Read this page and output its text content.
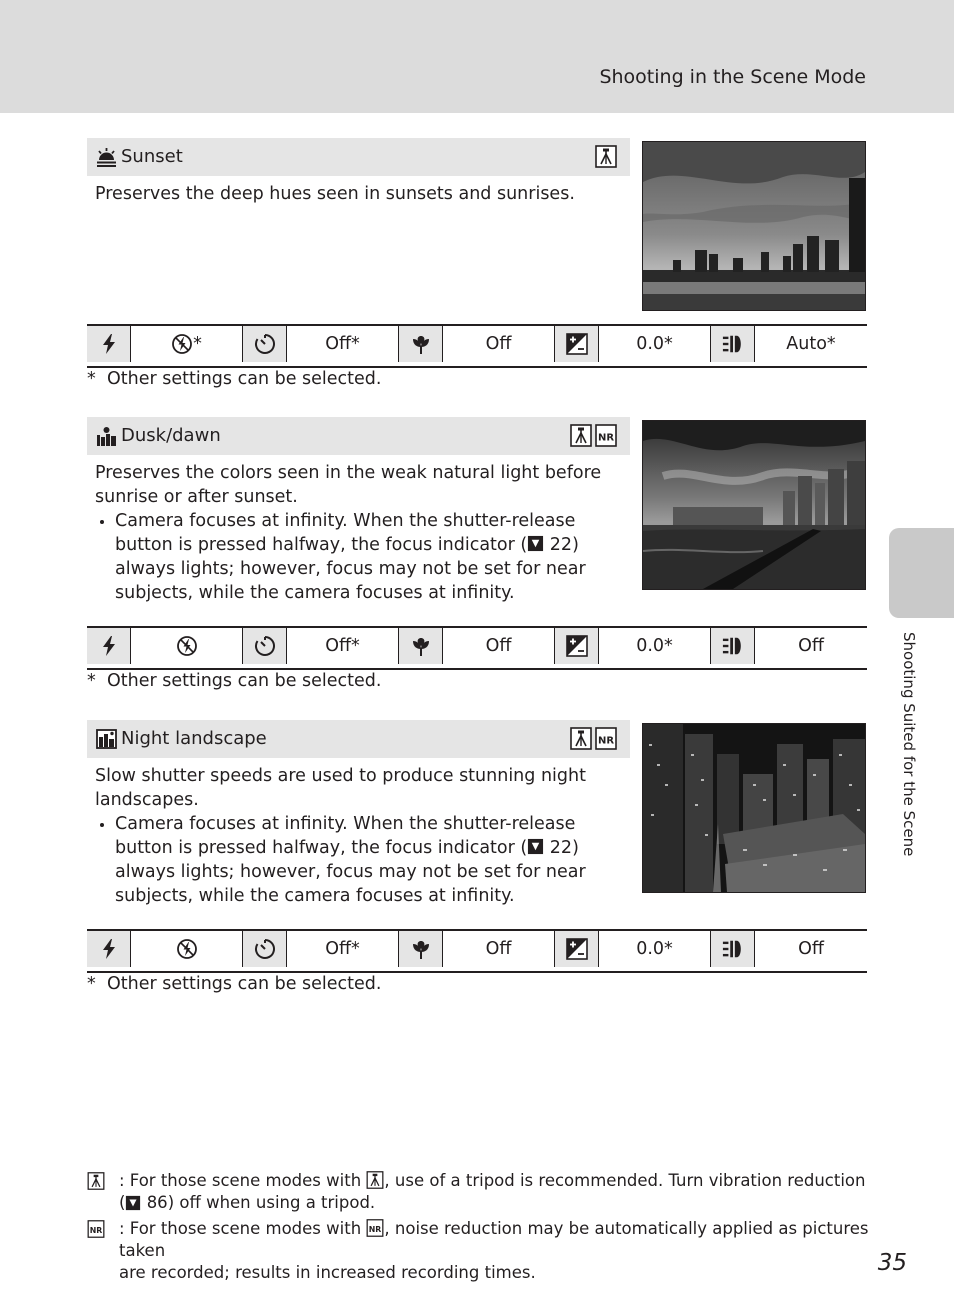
Shooting in the Scene Mode
Shooting Suited for the Scene
Sunset

Preserves the deep hues seen in sunsets and sunrises.

*	Off*	Off	0.0*	Auto*
* Other settings can be selected.
Dusk/dawn

Preserves the colors seen in the weak natural light before sunrise or after sunset.

• Camera focuses at infinity. When the shutter-release button is pressed halfway, the focus indicator ( 22) always lights; however, focus may not be set for near subjects, while the camera focuses at infinity.
Off*	Off	0.0*	Off
* Other settings can be selected.
Night landscape

Slow shutter speeds are used to produce stunning night landscapes.

• Camera focuses at infinity. When the shutter-release button is pressed halfway, the focus indicator ( 22) always lights; however, focus may not be set for near subjects, while the camera focuses at infinity.
Off*	Off	0.0*	Off
* Other settings can be selected.
: For those scene modes with , use of a tripod is recommended. Turn vibration reduction
( 86) off when using a tripod.
: For those scene modes with , noise reduction may be automatically applied as pictures taken
are recorded; results in increased recording times.	35
